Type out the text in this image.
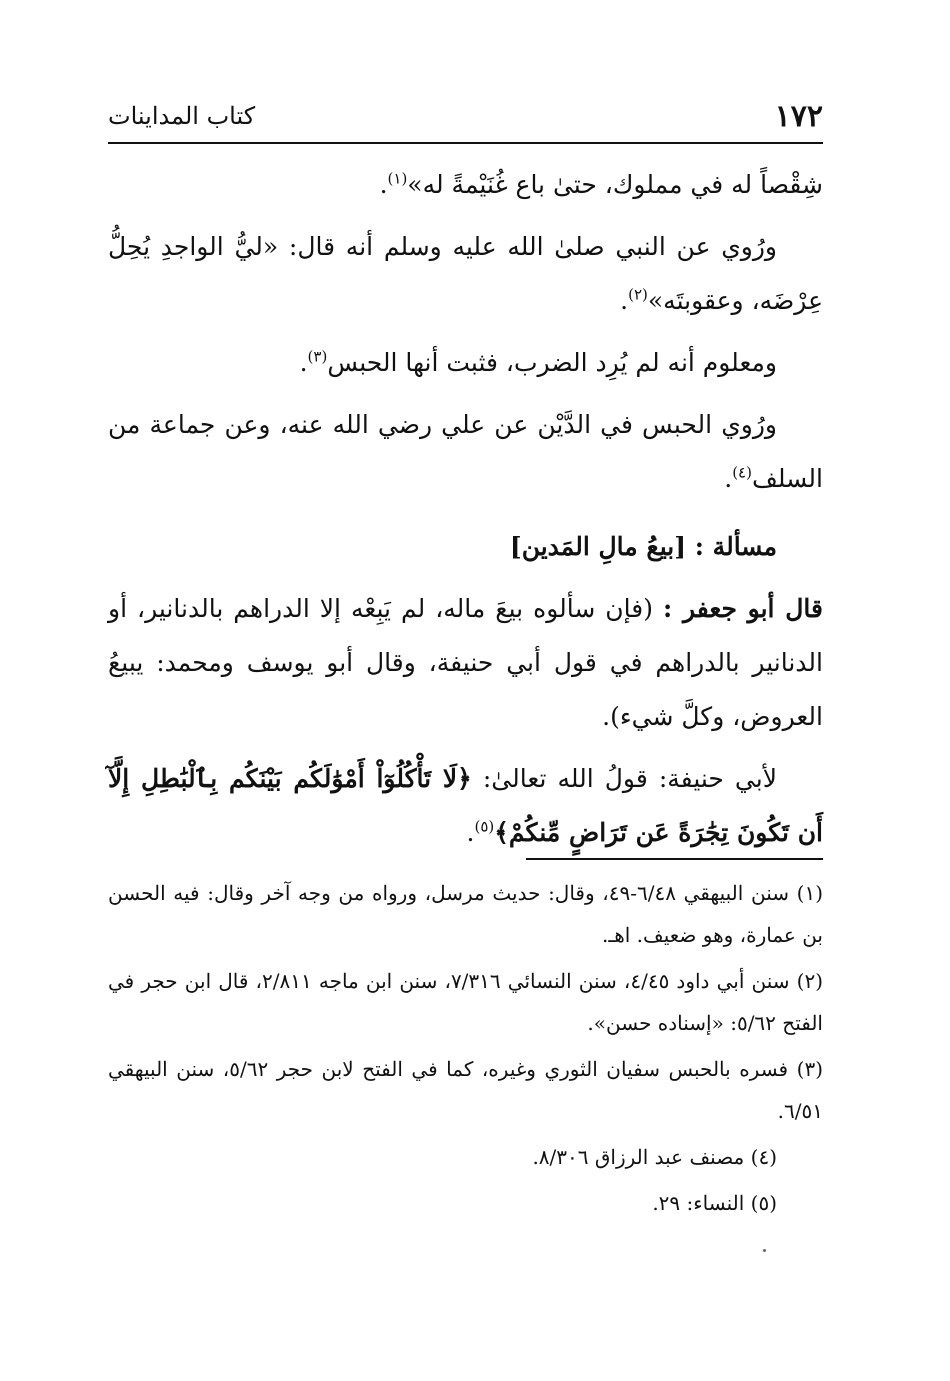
١٧٢
كتاب المداينات

شِقْصاً له في مملوك، حتىٰ باع غُنَيْمةً له»$^{(١)}$.

ورُوي عن النبي صلىٰ الله عليه وسلم أنه قال: «ليُّ الواجدِ يُحِلُّ عِرْضَه، وعقوبتَه»$^{(٢)}$.

ومعلوم أنه لم يُرِد الضرب، فثبت أنها الحبس$^{(٣)}$.

ورُوي الحبس في الدَّيْن عن علي رضي الله عنه، وعن جماعة من السلف$^{(٤)}$.

مسألة : [بيعُ مالِ المَدين]

قال أبو جعفر : (فإن سألوه بيعَ ماله، لم يَبِعْه إلا الدراهم بالدنانير، أو الدنانير بالدراهم في قول أبي حنيفة، وقال أبو يوسف ومحمد: يبيعُ العروض، وكلَّ شيء).

لأبي حنيفة: قولُ الله تعالىٰ: ﴿لَا تَأْكُلُوٓاْ أَمْوَٰلَكُم بَيْنَكُم بِٱلْبَٰطِلِ إِلَّآ أَن تَكُونَ تِجَٰرَةً عَن تَرَاضٍ مِّنكُمْ﴾$^{(٥)}$.

(١) سنن البيهقي ٦/٤٨-٤٩، وقال: حديث مرسل، ورواه من وجه آخر وقال: فيه الحسن بن عمارة، وهو ضعيف. اهـ.

(٢) سنن أبي داود ٤/٤٥، سنن النسائي ٧/٣١٦، سنن ابن ماجه ٢/٨١١، قال ابن حجر في الفتح ٥/٦٢: «إسناده حسن».

(٣) فسره بالحبس سفيان الثوري وغيره، كما في الفتح لابن حجر ٥/٦٢، سنن البيهقي ٦/٥١.

(٤) مصنف عبد الرزاق ٨/٣٠٦.

(٥) النساء: ٢٩.
